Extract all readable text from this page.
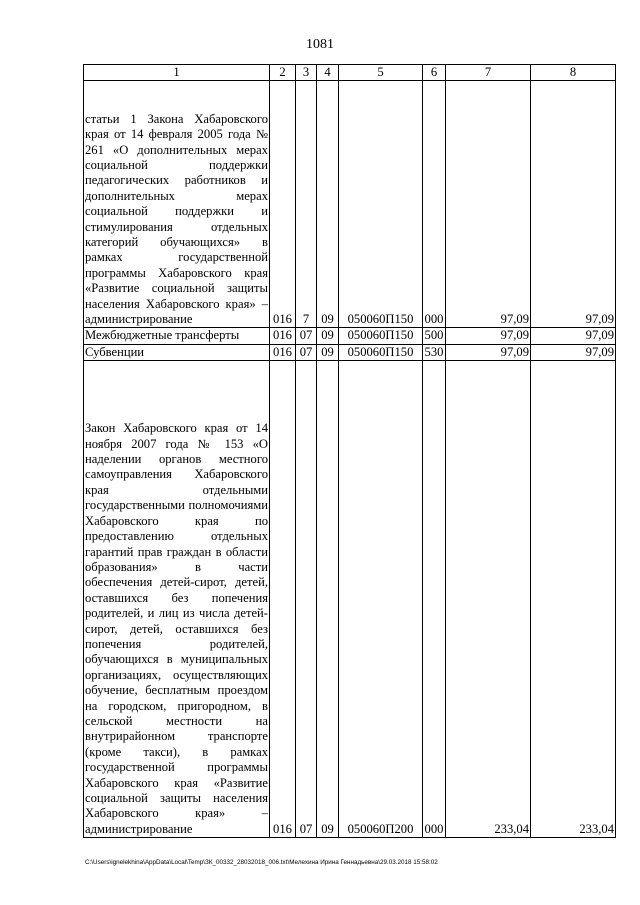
1081
1	2	3	4	5	6	7	8

статьи 1 Закона Хабаровского края от 14 февраля 2005 года № 261 «О дополнительных мерах социальной поддержки педагогических работников и дополнительных мерах социальной поддержки и стимулирования отдельных категорий обучающихся» в рамках государственной программы Хабаровского края «Развитие социальной защиты населения Хабаровского края» – администрирование	016	7	09	050060П150	000	97,09	97,09

Межбюджетные трансферты	016	07	09	050060П150	500	97,09	97,09

Субвенции	016	07	09	050060П150	530	97,09	97,09

Закон Хабаровского края от 14 ноября 2007 года № 153 «О наделении органов местного самоуправления Хабаровского края отдельными государственными полномочиями Хабаровского края по предоставлению отдельных гарантий прав граждан в области образования» в части обеспечения детей-сирот, детей, оставшихся без попечения родителей, и лиц из числа детей-сирот, детей, оставшихся без попечения родителей, обучающихся в муниципальных организациях, осуществляющих обучение, бесплатным проездом на городском, пригородном, в сельской местности на внутрирайонном транспорте (кроме такси), в рамках государственной программы Хабаровского края «Развитие социальной защиты населения Хабаровского края» – администрирование	016	07	09	050060П200	000	233,04	233,04
C:\Users\ignelekhina\AppData\Local\Temp\ЗК_00332_28032018_006.txt\Мелехина Ирина Геннадьевна\29.03.2018 15:58:02
